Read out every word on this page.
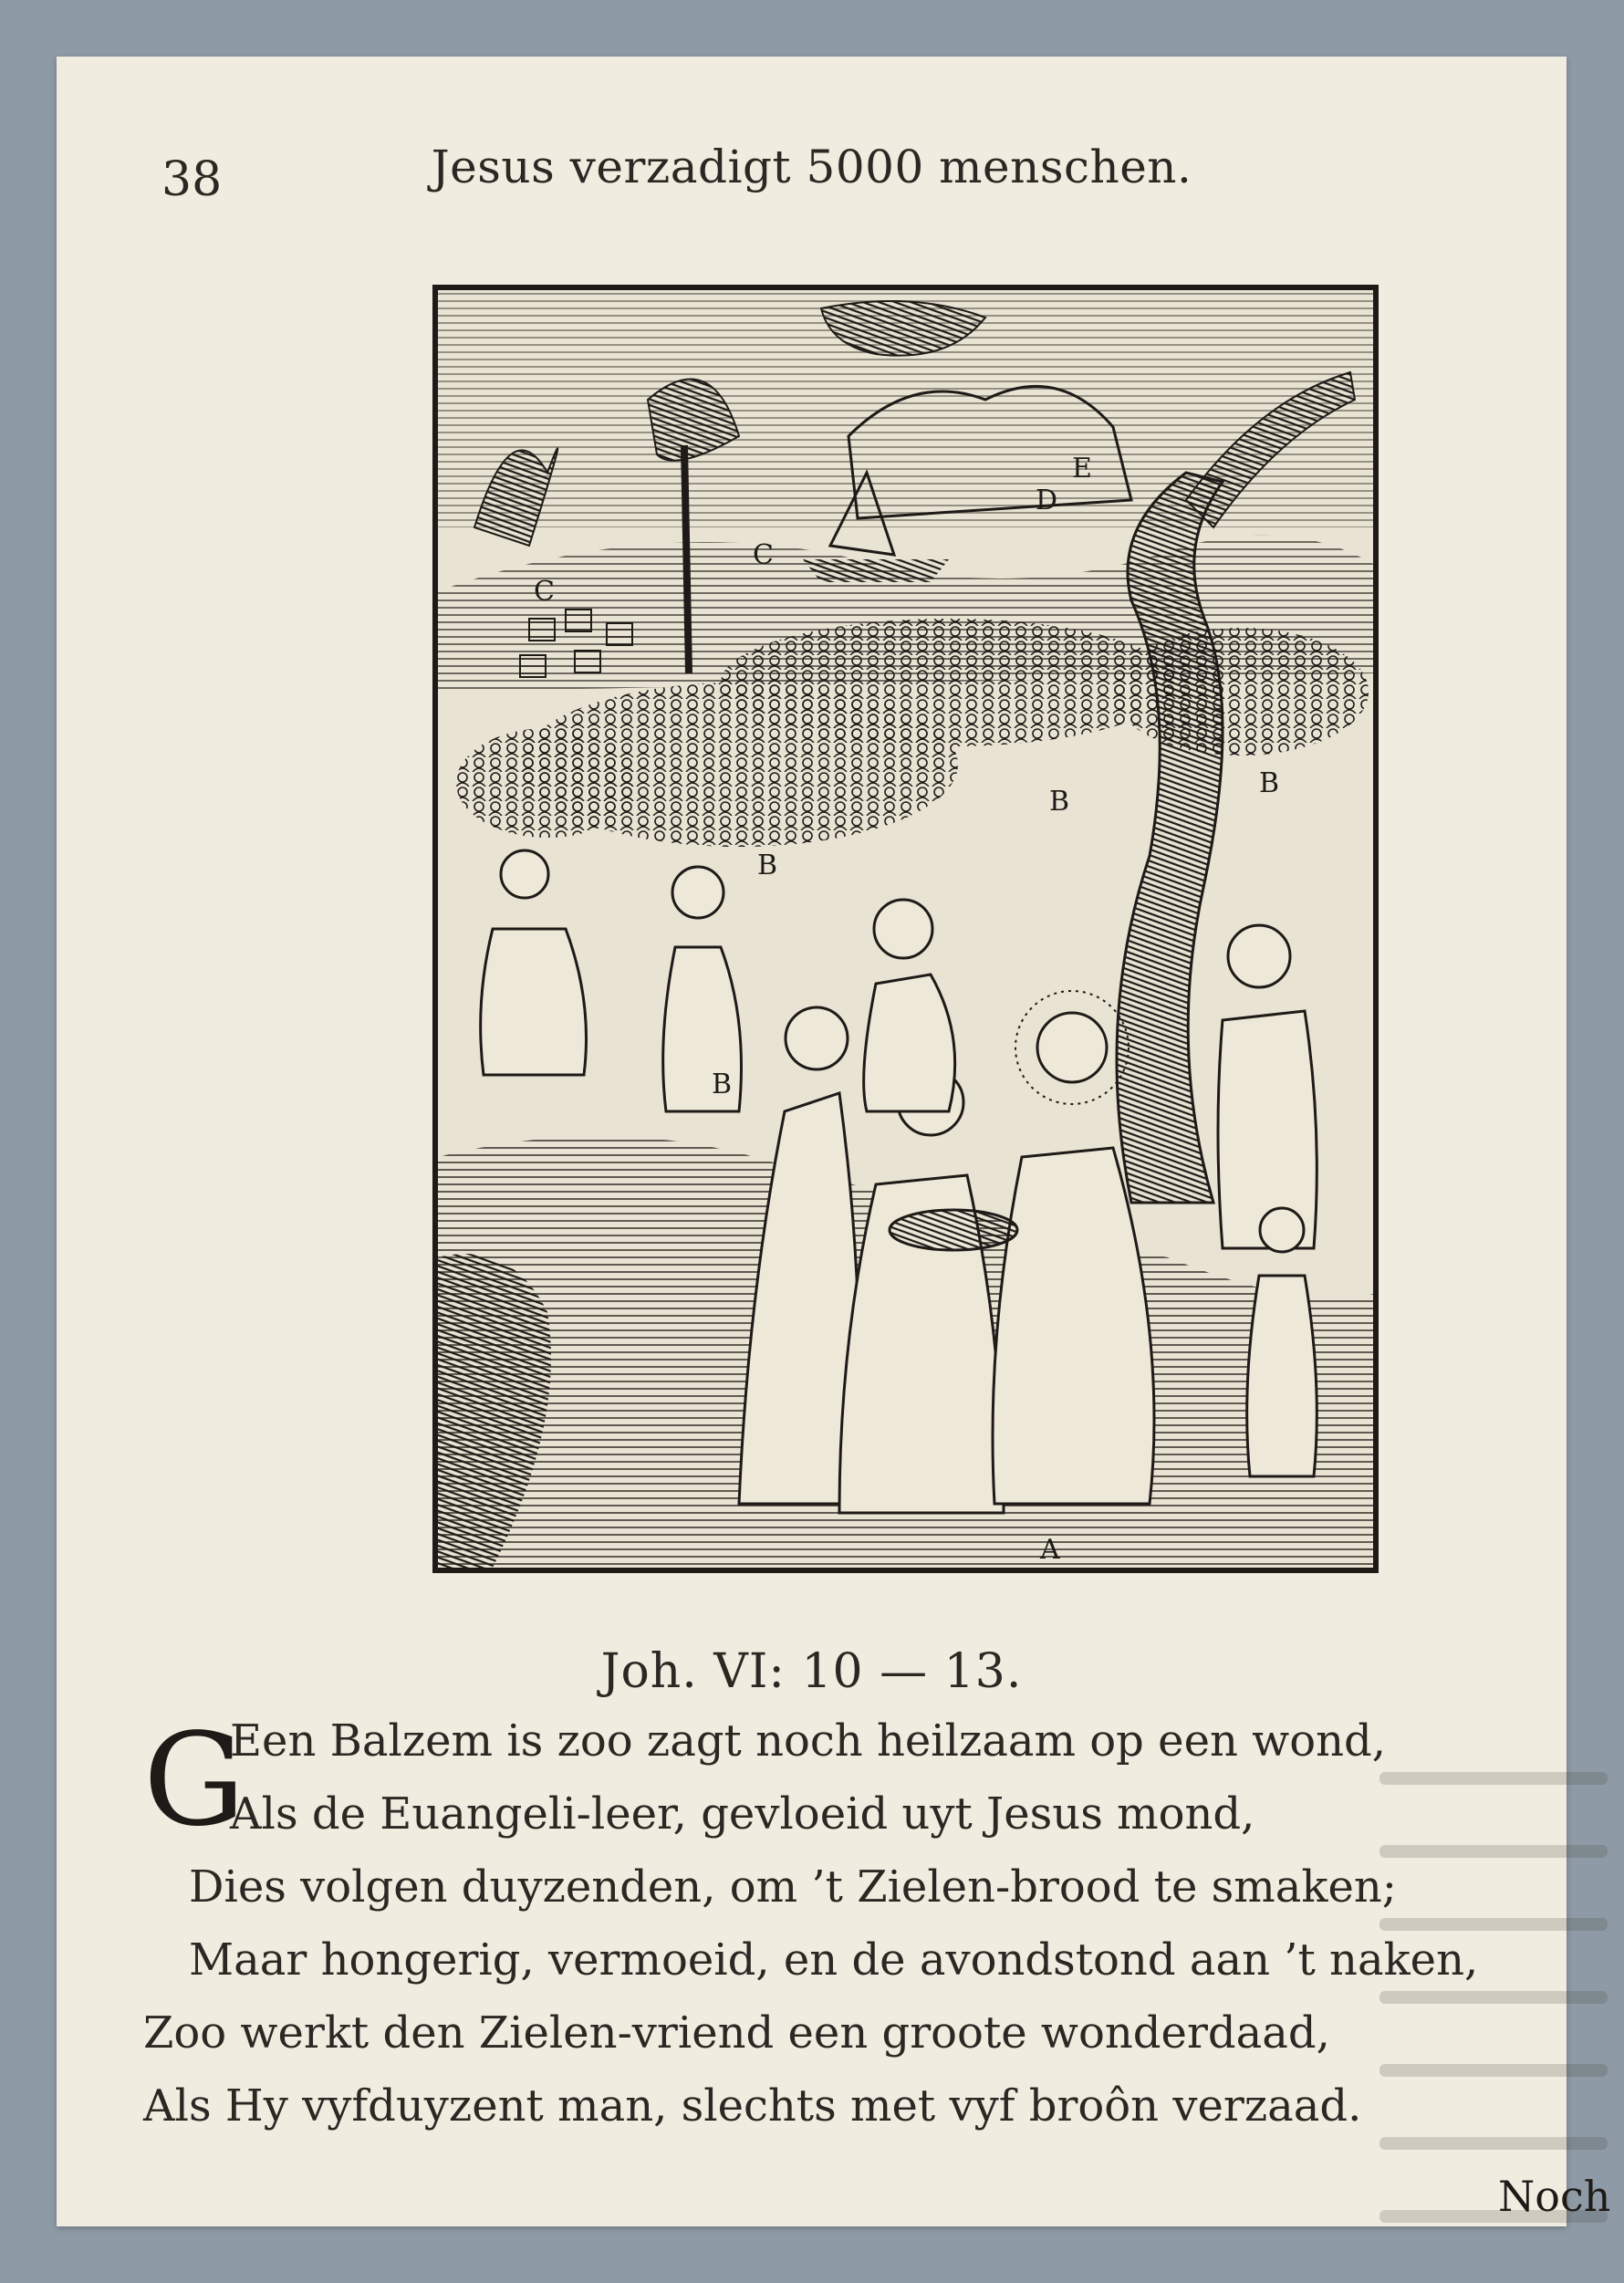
38	Jesus verzadigt 5000 menschen.
A
B
B
B
B
C
C
D
E
Joh. VI: 10 — 13.
G
Een Balzem is zoo zagt noch heilzaam op een wond,
Als de Euangeli-leer, gevloeid uyt Jesus mond,
Dies volgen duyzenden, om ’t Zielen-brood te smaken;
Maar hongerig, vermoeid, en de avondstond aan ’t naken,
Zoo werkt den Zielen-vriend een groote wonderdaad,
Als Hy vyfduyzent man, slechts met vyf broôn verzaad.
Noch
